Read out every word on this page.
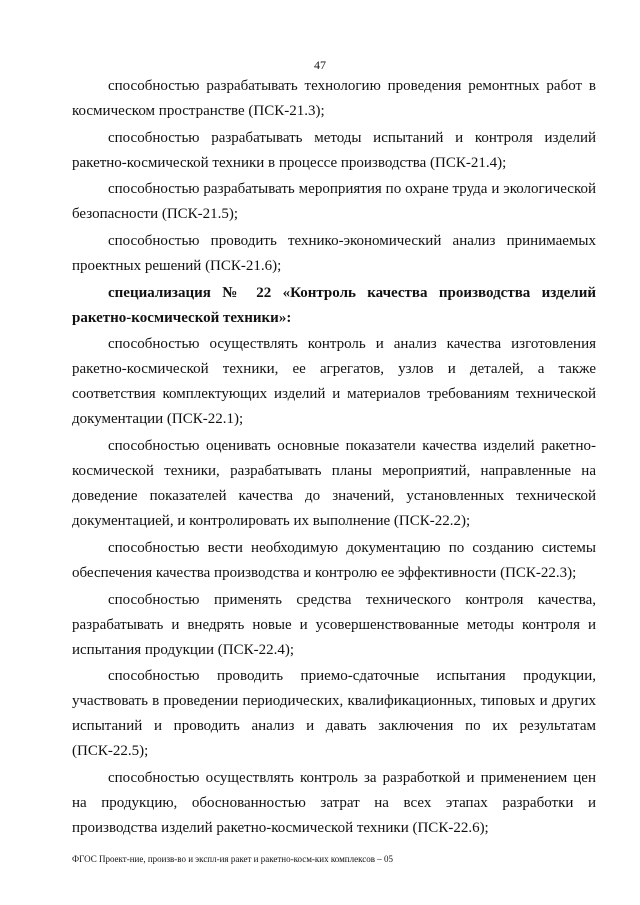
47

способностью разрабатывать технологию проведения ремонтных работ в космическом пространстве (ПСК-21.3);

способностью разрабатывать методы испытаний и контроля изделий ракетно-космической техники в процессе производства (ПСК-21.4);

способностью разрабатывать мероприятия по охране труда и экологической безопасности (ПСК-21.5);

способностью проводить технико-экономический анализ принимаемых проектных решений (ПСК-21.6);

специализация № 22 «Контроль качества производства изделий ракетно-космической техники»:

способностью осуществлять контроль и анализ качества изготовления ракетно-космической техники, ее агрегатов, узлов и деталей, а также соответствия комплектующих изделий и материалов требованиям технической документации (ПСК-22.1);

способностью оценивать основные показатели качества изделий ракетно-космической техники, разрабатывать планы мероприятий, направленные на доведение показателей качества до значений, установленных технической документацией, и контролировать их выполнение (ПСК-22.2);

способностью вести необходимую документацию по созданию системы обеспечения качества производства и контролю ее эффективности (ПСК-22.3);

способностью применять средства технического контроля качества, разрабатывать и внедрять новые и усовершенствованные методы контроля и испытания продукции (ПСК-22.4);

способностью проводить приемо-сдаточные испытания продукции, участвовать в проведении периодических, квалификационных, типовых и других испытаний и проводить анализ и давать заключения по их результатам (ПСК-22.5);

способностью осуществлять контроль за разработкой и применением цен на продукцию, обоснованностью затрат на всех этапах разработки и производства изделий ракетно-космической техники (ПСК-22.6);

ФГОС Проект-ние, произв-во и экспл-ия ракет и ракетно-косм-ких комплексов – 05
